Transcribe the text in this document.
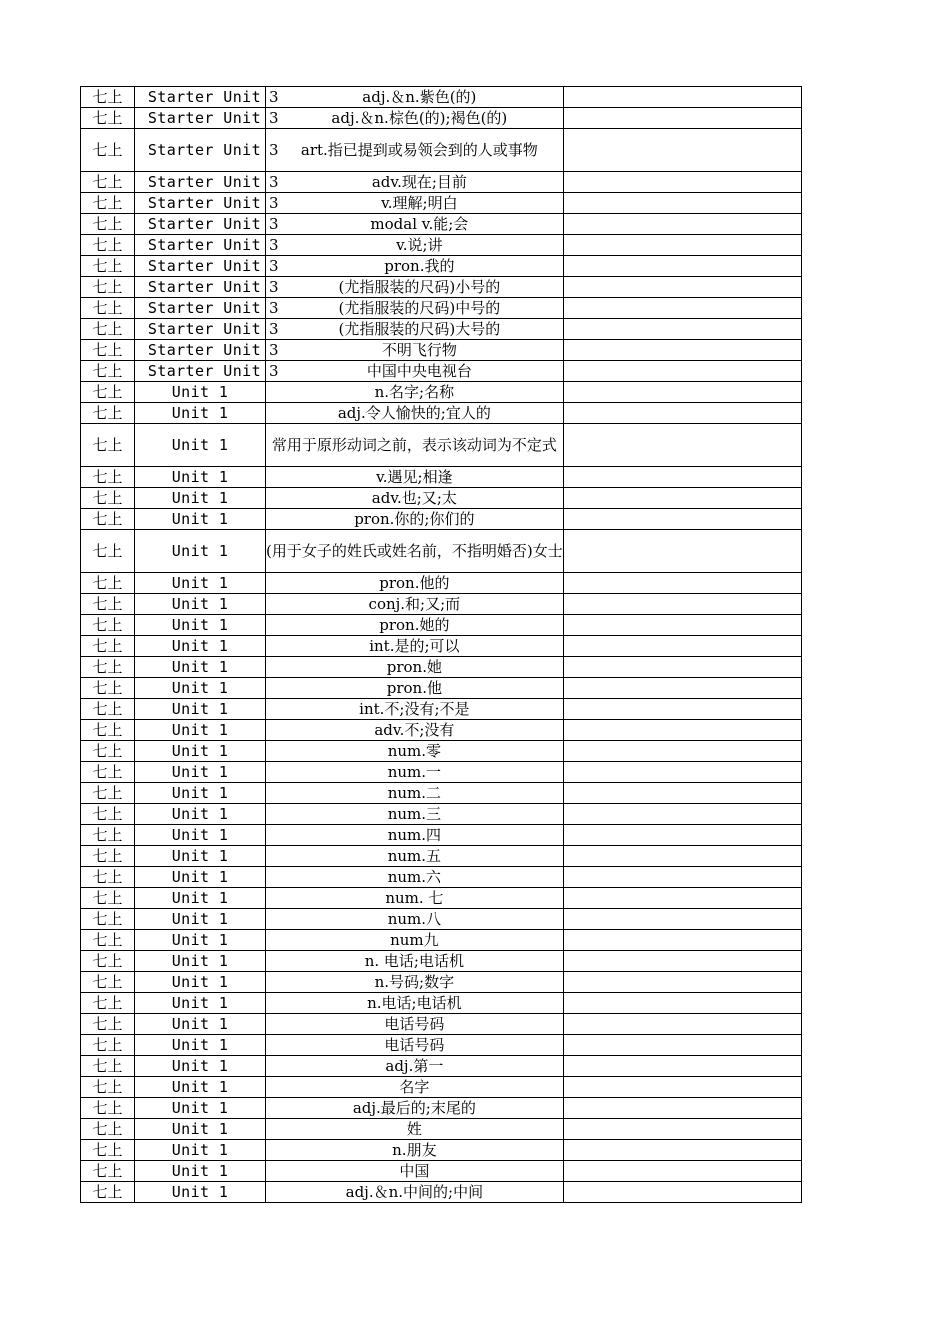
七上	Starter Unit 3	adj.＆n.紫色(的)	
七上	Starter Unit 3	adj.＆n.棕色(的);褐色(的)	
七上	Starter Unit 3	art.指已提到或易领会到的人或事物	
七上	Starter Unit 3	adv.现在;目前	
七上	Starter Unit 3	v.理解;明白	
七上	Starter Unit 3	modal v.能;会	
七上	Starter Unit 3	v.说;讲	
七上	Starter Unit 3	pron.我的	
七上	Starter Unit 3	(尤指服装的尺码)小号的	
七上	Starter Unit 3	(尤指服装的尺码)中号的	
七上	Starter Unit 3	(尤指服装的尺码)大号的	
七上	Starter Unit 3	不明飞行物	
七上	Starter Unit 3	中国中央电视台	
七上	Unit 1	n.名字;名称	
七上	Unit 1	adj.令人愉快的;宜人的	
七上	Unit 1	常用于原形动词之前，表示该动词为不定式	
七上	Unit 1	v.遇见;相逢	
七上	Unit 1	adv.也;又;太	
七上	Unit 1	pron.你的;你们的	
七上	Unit 1	(用于女子的姓氏或姓名前，不指明婚否)女士	
七上	Unit 1	pron.他的	
七上	Unit 1	conj.和;又;而	
七上	Unit 1	pron.她的	
七上	Unit 1	int.是的;可以	
七上	Unit 1	pron.她	
七上	Unit 1	pron.他	
七上	Unit 1	int.不;没有;不是	
七上	Unit 1	adv.不;没有	
七上	Unit 1	num.零	
七上	Unit 1	num.一	
七上	Unit 1	num.二	
七上	Unit 1	num.三	
七上	Unit 1	num.四	
七上	Unit 1	num.五	
七上	Unit 1	num.六	
七上	Unit 1	num. 七	
七上	Unit 1	num.八	
七上	Unit 1	num九	
七上	Unit 1	n. 电话;电话机	
七上	Unit 1	n.号码;数字	
七上	Unit 1	n.电话;电话机	
七上	Unit 1	电话号码	
七上	Unit 1	电话号码	
七上	Unit 1	adj.第一	
七上	Unit 1	名字	
七上	Unit 1	adj.最后的;末尾的	
七上	Unit 1	姓	
七上	Unit 1	n.朋友	
七上	Unit 1	中国	
七上	Unit 1	adj.＆n.中间的;中间	
